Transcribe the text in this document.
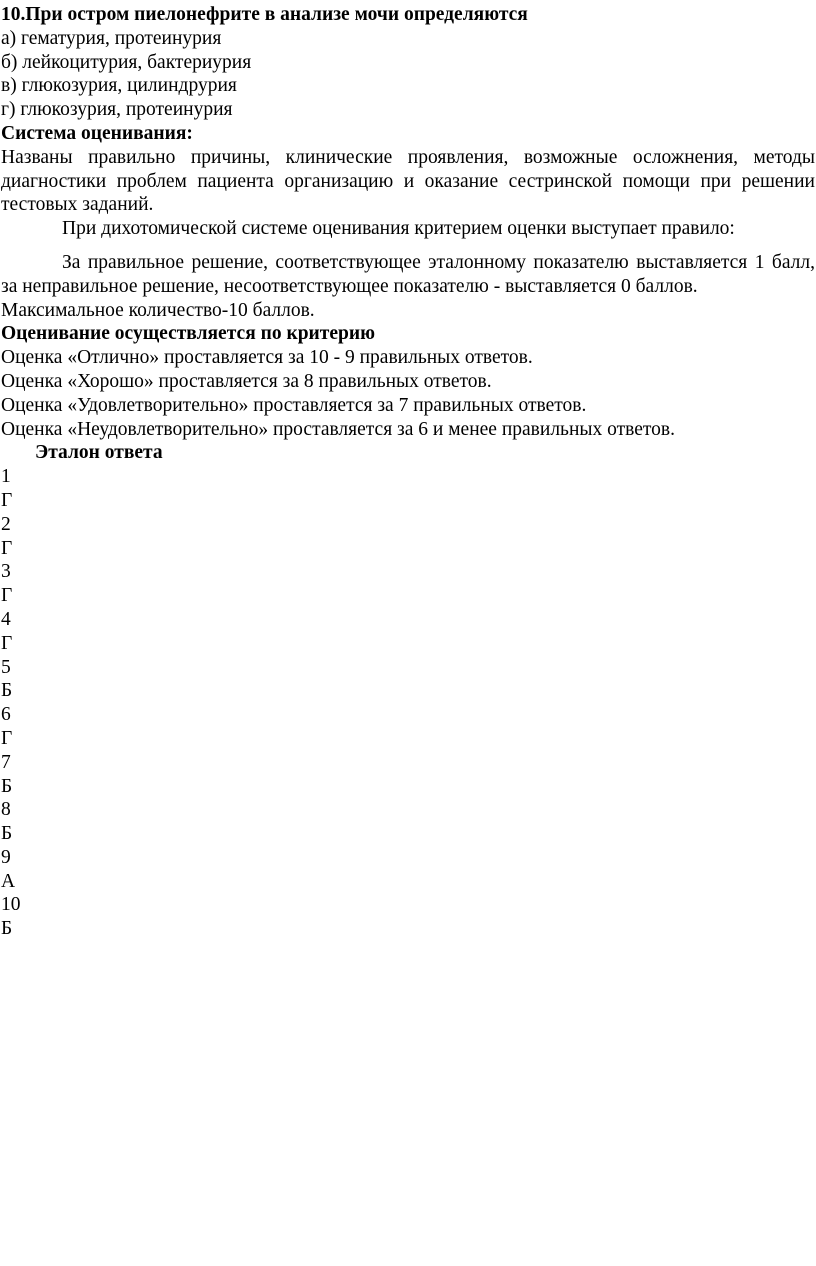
10.При остром пиелонефрите в анализе мочи определяются
а) гематурия, протеинурия
б) лейкоцитурия, бактериурия
в) глюкозурия, цилиндрурия
г) глюкозурия, протеинурия
Система оценивания:
Названы правильно причины, клинические проявления, возможные осложнения, методы диагностики проблем пациента организацию и оказание сестринской помощи при решении тестовых заданий.
При дихотомической системе оценивания критерием оценки выступает правило:
За правильное решение, соответствующее эталонному показателю выставляется 1 балл, за неправильное решение, несоответствующее показателю - выставляется 0 баллов.
Максимальное количество-10 баллов.
Оценивание осуществляется по критерию
Оценка «Отлично» проставляется за 10 - 9 правильных ответов.
Оценка «Хорошо» проставляется за 8 правильных ответов.
Оценка «Удовлетворительно» проставляется за 7 правильных ответов.
Оценка «Неудовлетворительно» проставляется за 6 и менее правильных ответов.
Эталон ответа
1
Г
2
Г
3
Г
4
Г
5
Б
6
Г
7
Б
8
Б
9
А
10
Б
